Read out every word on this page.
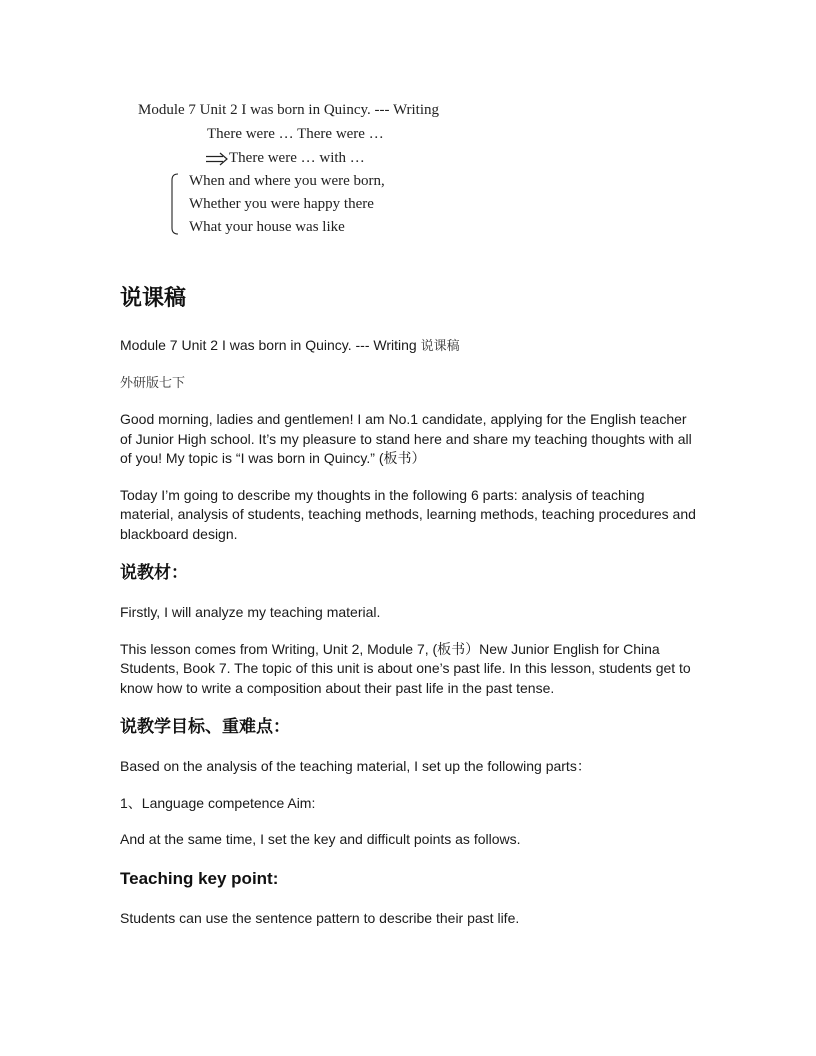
Module 7 Unit 2 I was born in Quincy. --- Writing
There were … There were …
There were … with …
When and where you were born,
Whether you were happy there
What your house was like
说课稿

Module 7 Unit 2 I was born in Quincy. --- Writing 说课稿

外研版七下

Good morning, ladies and gentlemen! I am No.1 candidate, applying for the English teacher of Junior High school. It’s my pleasure to stand here and share my teaching thoughts with all of you! My topic is “I was born in Quincy.” (板书）

Today I’m going to describe my thoughts in the following 6 parts: analysis of teaching material, analysis of students, teaching methods, learning methods, teaching procedures and blackboard design.

说教材：

Firstly, I will analyze my teaching material.

This lesson comes from Writing, Unit 2, Module 7, (板书）New Junior English for China Students, Book 7. The topic of this unit is about one’s past life. In this lesson, students get to know how to write a composition about their past life in the past tense.

说教学目标、重难点：

Based on the analysis of the teaching material, I set up the following parts：

1、Language competence Aim:

And at the same time, I set the key and difficult points as follows.

Teaching key point:

Students can use the sentence pattern to describe their past life.
